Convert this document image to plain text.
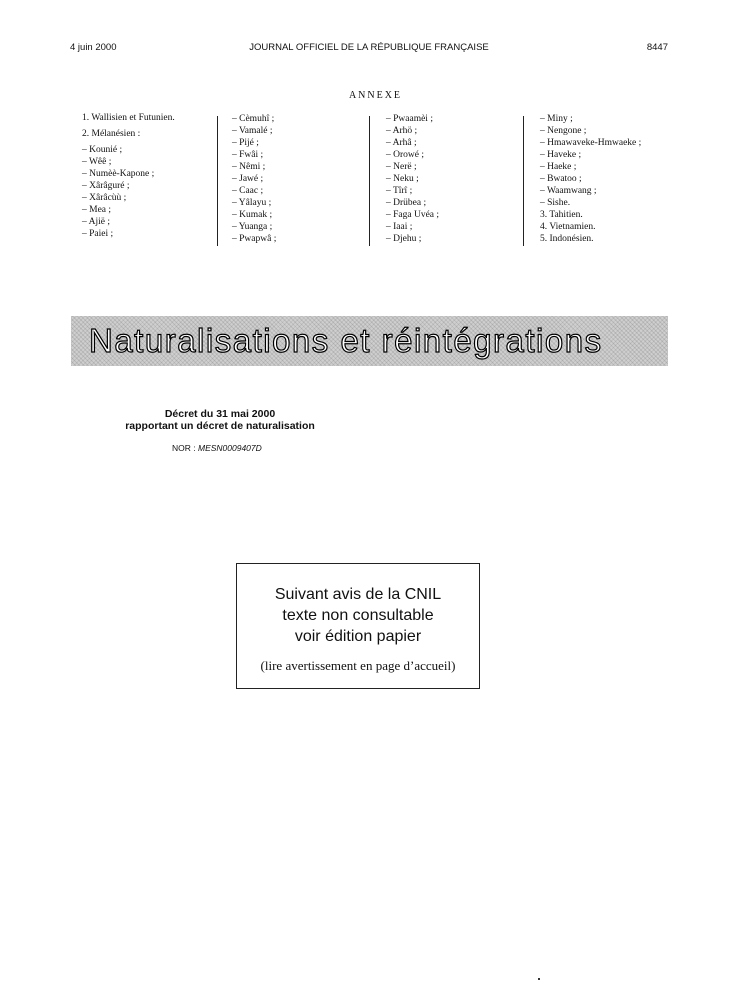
4 juin 2000	JOURNAL OFFICIEL DE LA RÉPUBLIQUE FRANÇAISE	8447
ANNEXE
1. Wallisien et Futunien.
2. Mélanésien :
– Kounié ;
– Wêê ;
– Numèè-Kapone ;
– Xârâguré ;
– Xârâcùù ;
– Mea ;
– Ajië ;
– Paiei ;
– Cèmuhî ;
– Vamalé ;
– Pijé ;
– Fwâi ;
– Nêmi ;
– Jawé ;
– Caac ;
– Yâlayu ;
– Kumak ;
– Yuanga ;
– Pwapwâ ;
– Pwaamèi ;
– Arhö ;
– Arhâ ;
– Orowé ;
– Nerë ;
– Neku ;
– Tîrî ;
– Drübea ;
– Faga Uvéa ;
– Iaai ;
– Djehu ;
– Miny ;
– Nengone ;
– Hmawaveke-Hmwaeke ;
– Haveke ;
– Haeke ;
– Bwatoo ;
– Waamwang ;
– Sishe.
3. Tahitien.
4. Vietnamien.
5. Indonésien.
Naturalisations et réintégrations
Décret du 31 mai 2000
rapportant un décret de naturalisation
NOR : MESN0009407D
Suivant avis de la CNIL
texte non consultable
voir édition papier
(lire avertissement en page d’accueil)
